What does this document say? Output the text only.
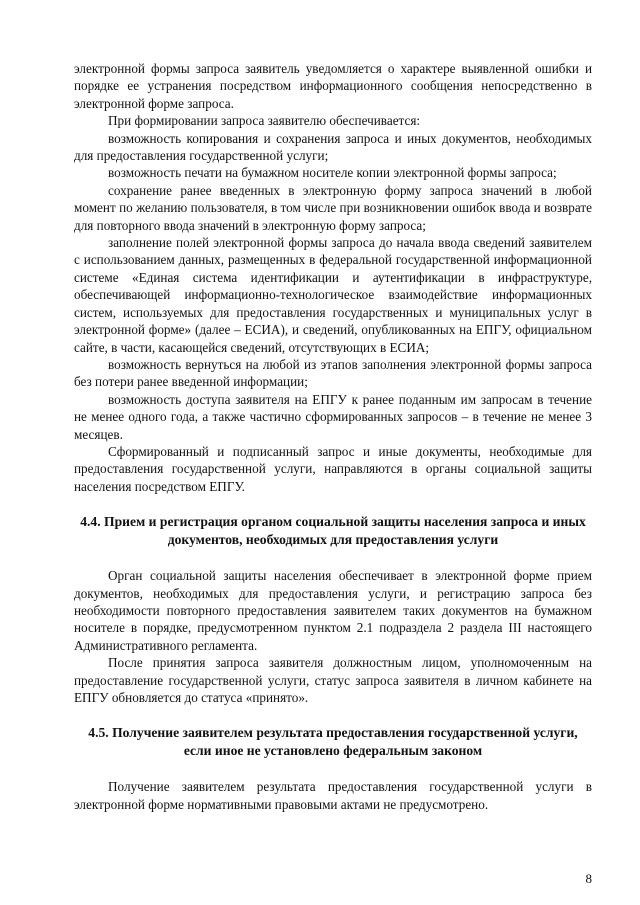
электронной формы запроса заявитель уведомляется о характере выявленной ошибки и порядке ее устранения посредством информационного сообщения непосредственно в электронной форме запроса.

При формировании запроса заявителю обеспечивается:

возможность копирования и сохранения запроса и иных документов, необходимых для предоставления государственной услуги;

возможность печати на бумажном носителе копии электронной формы запроса;

сохранение ранее введенных в электронную форму запроса значений в любой момент по желанию пользователя, в том числе при возникновении ошибок ввода и возврате для повторного ввода значений в электронную форму запроса;

заполнение полей электронной формы запроса до начала ввода сведений заявителем с использованием данных, размещенных в федеральной государственной информационной системе «Единая система идентификации и аутентификации в инфраструктуре, обеспечивающей информационно-технологическое взаимодействие информационных систем, используемых для предоставления государственных и муниципальных услуг в электронной форме» (далее – ЕСИА), и сведений, опубликованных на ЕПГУ, официальном сайте, в части, касающейся сведений, отсутствующих в ЕСИА;

возможность вернуться на любой из этапов заполнения электронной формы запроса без потери ранее введенной информации;

возможность доступа заявителя на ЕПГУ к ранее поданным им запросам в течение не менее одного года, а также частично сформированных запросов – в течение не менее 3 месяцев.

Сформированный и подписанный запрос и иные документы, необходимые для предоставления государственной услуги, направляются в органы социальной защиты населения посредством ЕПГУ.

4.4. Прием и регистрация органом социальной защиты населения запроса и иных документов, необходимых для предоставления услуги

Орган социальной защиты населения обеспечивает в электронной форме прием документов, необходимых для предоставления услуги, и регистрацию запроса без необходимости повторного предоставления заявителем таких документов на бумажном носителе в порядке, предусмотренном пунктом 2.1 подраздела 2 раздела III настоящего Административного регламента.

После принятия запроса заявителя должностным лицом, уполномоченным на предоставление государственной услуги, статус запроса заявителя в личном кабинете на ЕПГУ обновляется до статуса «принято».

4.5. Получение заявителем результата предоставления государственной услуги, если иное не установлено федеральным законом

Получение заявителем результата предоставления государственной услуги в электронной форме нормативными правовыми актами не предусмотрено.

8
